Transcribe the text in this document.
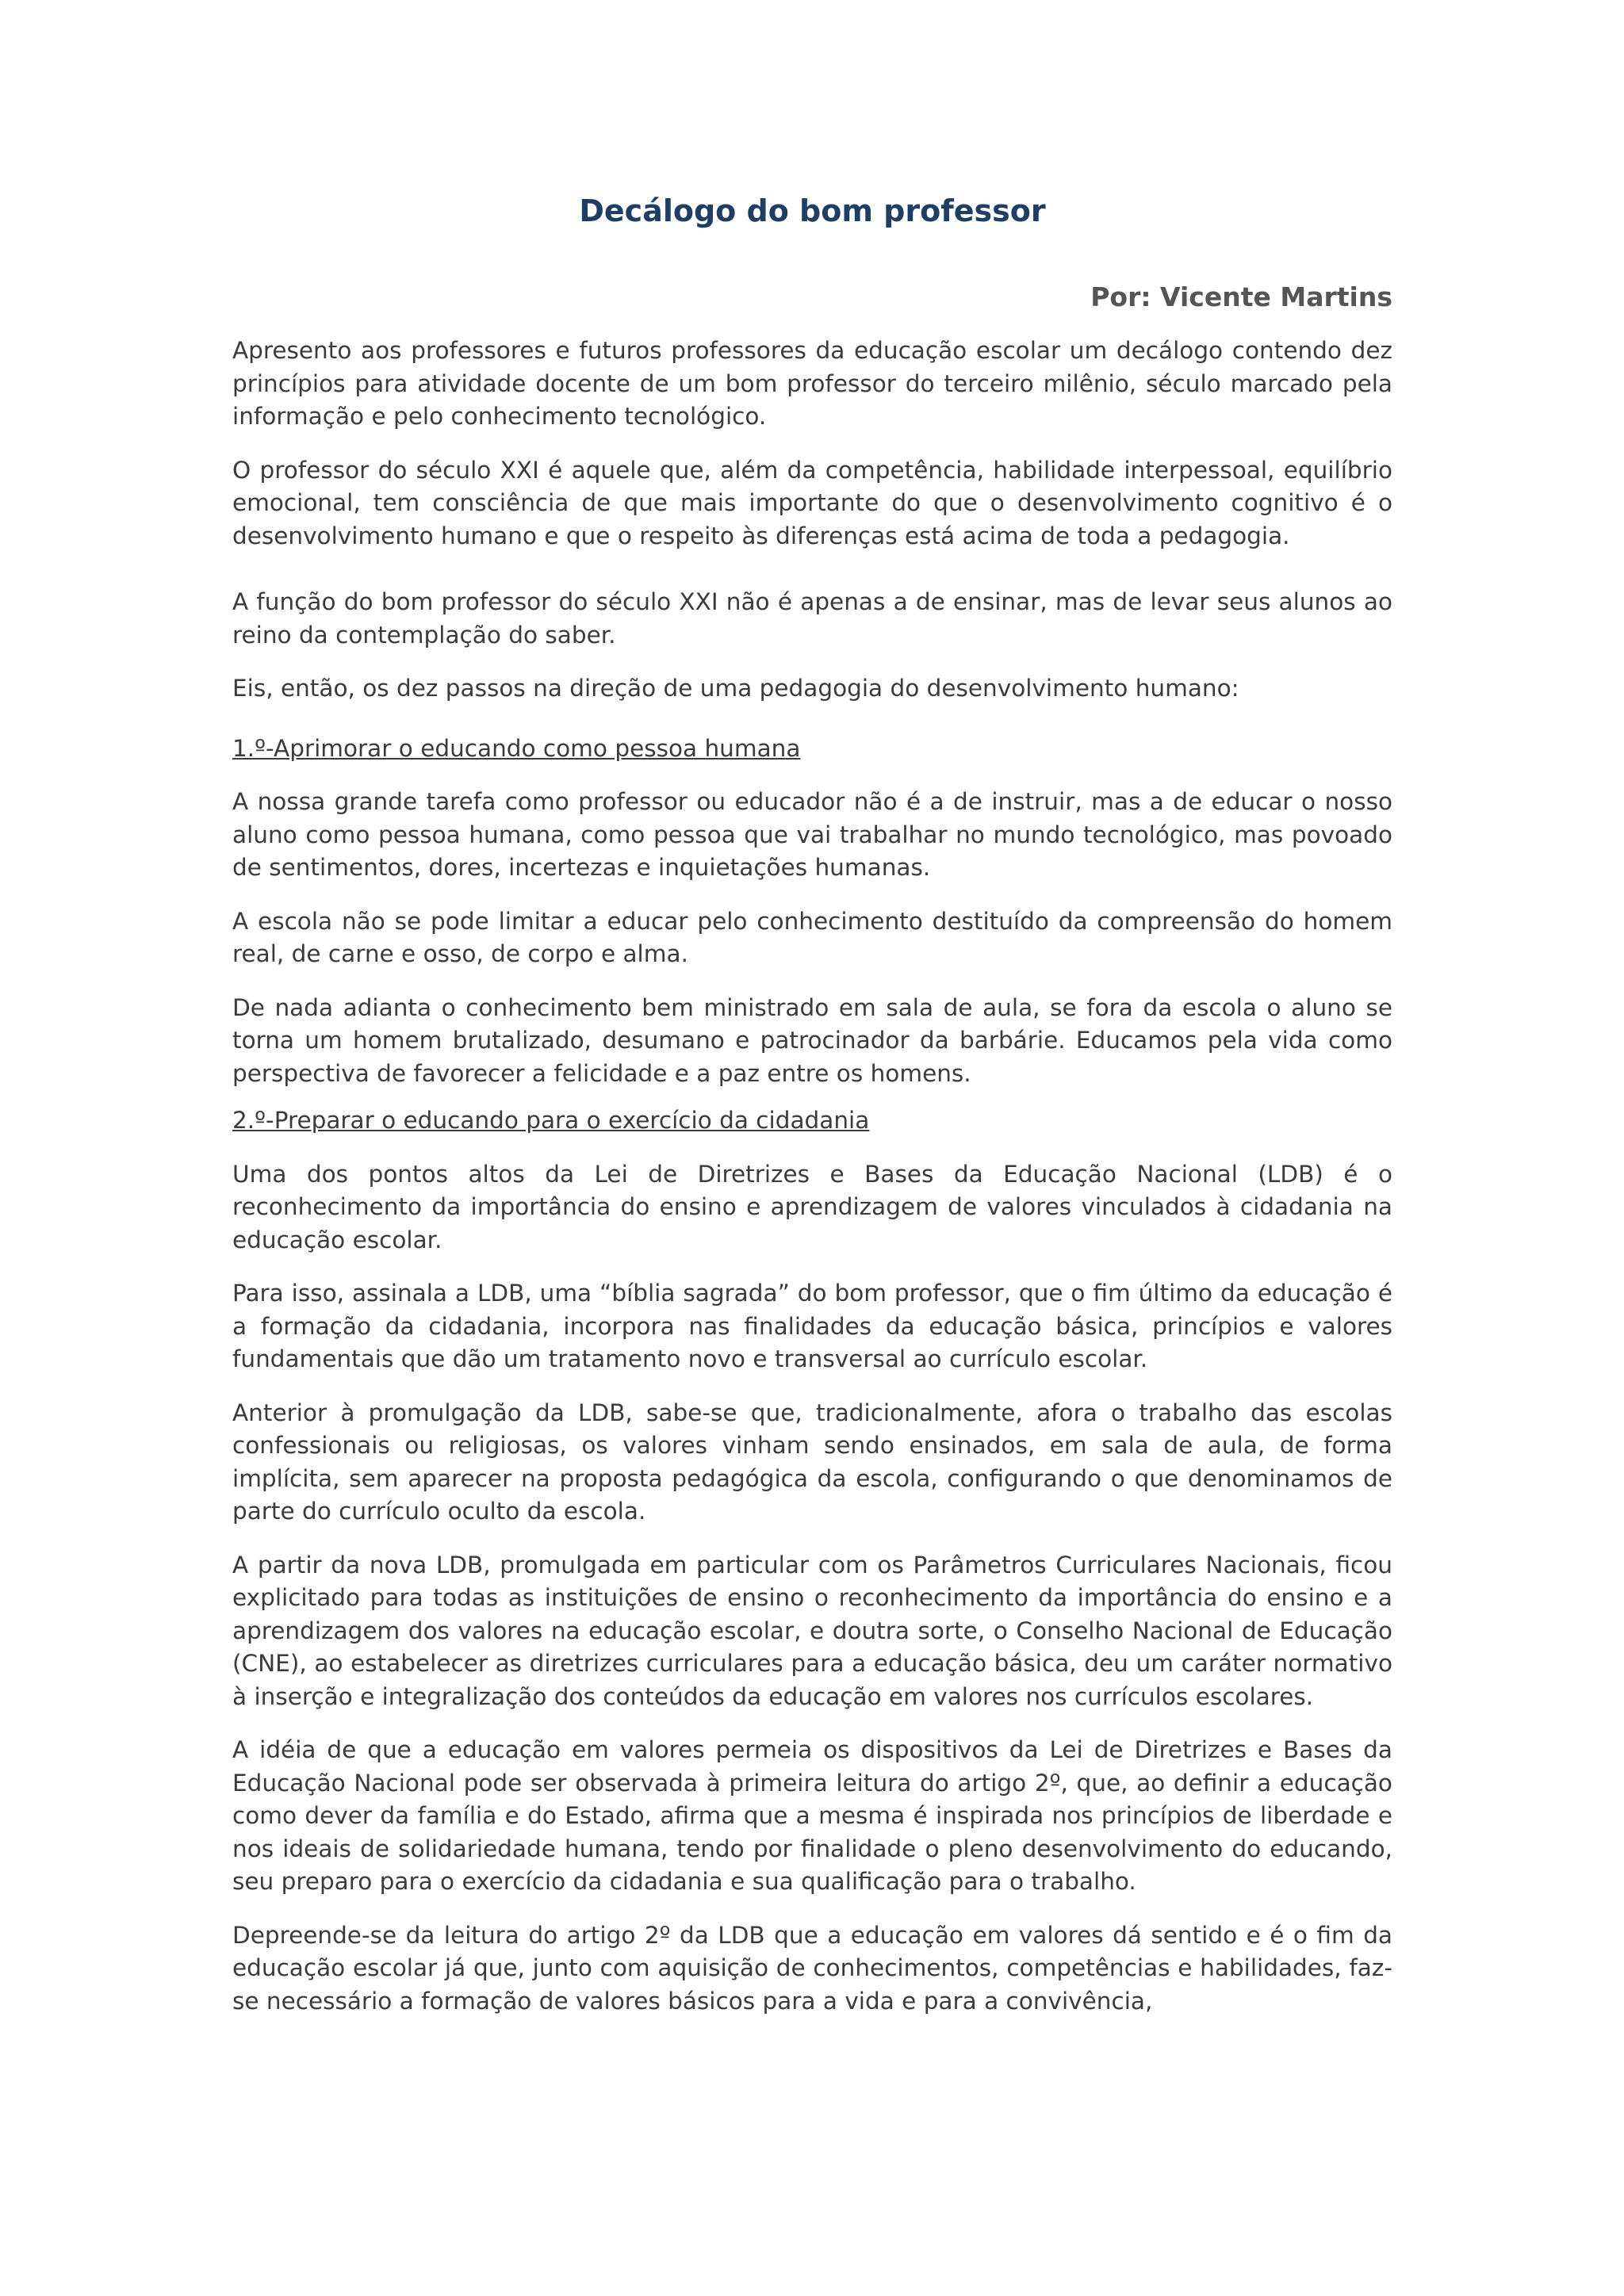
Decálogo do bom professor
Por: Vicente Martins

Apresento aos professores e futuros professores da educação escolar um decálogo contendo dez princípios para atividade docente de um bom professor do terceiro milênio, século marcado pela informação e pelo conhecimento tecnológico.

O professor do século XXI é aquele que, além da competência, habilidade interpessoal, equilíbrio emocional, tem consciência de que mais importante do que o desenvolvimento cognitivo é o desenvolvimento humano e que o respeito às diferenças está acima de toda a pedagogia.

A função do bom professor do século XXI não é apenas a de ensinar, mas de levar seus alunos ao reino da contemplação do saber.

Eis, então, os dez passos na direção de uma pedagogia do desenvolvimento humano:

1.º-Aprimorar o educando como pessoa humana

A nossa grande tarefa como professor ou educador não é a de instruir, mas a de educar o nosso aluno como pessoa humana, como pessoa que vai trabalhar no mundo tecnológico, mas povoado de sentimentos, dores, incertezas e inquietações humanas.

A escola não se pode limitar a educar pelo conhecimento destituído da compreensão do homem real, de carne e osso, de corpo e alma.

De nada adianta o conhecimento bem ministrado em sala de aula, se fora da escola o aluno se torna um homem brutalizado, desumano e patrocinador da barbárie. Educamos pela vida como perspectiva de favorecer a felicidade e a paz entre os homens.

2.º-Preparar o educando para o exercício da cidadania

Uma dos pontos altos da Lei de Diretrizes e Bases da Educação Nacional (LDB) é o reconhecimento da importância do ensino e aprendizagem de valores vinculados à cidadania na educação escolar.

Para isso, assinala a LDB, uma “bíblia sagrada” do bom professor, que o fim último da educação é a formação da cidadania, incorpora nas finalidades da educação básica, princípios e valores fundamentais que dão um tratamento novo e transversal ao currículo escolar.

Anterior à promulgação da LDB, sabe-se que, tradicionalmente, afora o trabalho das escolas confessionais ou religiosas, os valores vinham sendo ensinados, em sala de aula, de forma implícita, sem aparecer na proposta pedagógica da escola, configurando o que denominamos de parte do currículo oculto da escola.

A partir da nova LDB, promulgada em particular com os Parâmetros Curriculares Nacionais, ficou explicitado para todas as instituições de ensino o reconhecimento da importância do ensino e a aprendizagem dos valores na educação escolar, e doutra sorte, o Conselho Nacional de Educação (CNE), ao estabelecer as diretrizes curriculares para a educação básica, deu um caráter normativo à inserção e integralização dos conteúdos da educação em valores nos currículos escolares.

A idéia de que a educação em valores permeia os dispositivos da Lei de Diretrizes e Bases da Educação Nacional pode ser observada à primeira leitura do artigo 2º, que, ao definir a educação como dever da família e do Estado, afirma que a mesma é inspirada nos princípios de liberdade e nos ideais de solidariedade humana, tendo por finalidade o pleno desenvolvimento do educando, seu preparo para o exercício da cidadania e sua qualificação para o trabalho.

Depreende-se da leitura do artigo 2º da LDB que a educação em valores dá sentido e é o fim da educação escolar já que, junto com aquisição de conhecimentos, competências e habilidades, faz-se necessário a formação de valores básicos para a vida e para a convivência,
